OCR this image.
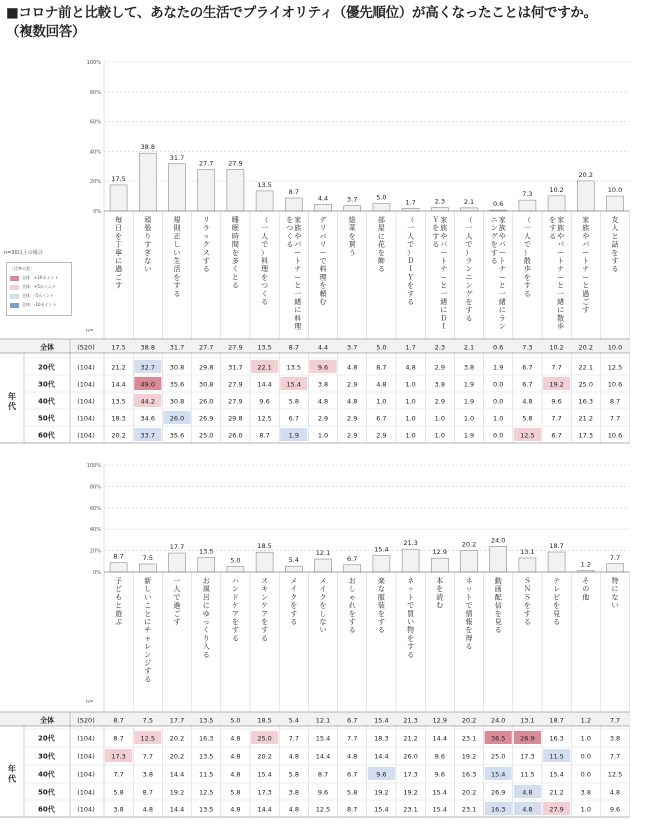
■コロナ前と比較して、あなたの生活でプライオリティ（優先順位）が高くなったことは何ですか。
（複数回答）
n=30以上の場合
［比率の差］
全体　+10ポイント
全体　+5ポイント
全体　-5ポイント
全体　-10ポイント
100%
80%
60%
40%
20%
0%
17.5
毎日を丁寧に過ごす
38.8
頑張りすぎない
31.7
規則正しい生活をする
27.7
リラックスする
27.9
睡眠時間を多くとる
13.5
（一人で）料理をつくる
8.7
家族やパートナーと一緒に料理をつくる
4.4
デリバリーで料理を頼む
3.7
総菜を買う
5.0
部屋に花を飾る
1.7
（一人で）ＤＩＹをする
2.3
家族やパートナーと一緒にＤＩＹをする
2.1
（一人で）ランニングをする
0.6
家族やパートナーと一緒にランニングをする
7.3
（一人で）散歩をする
10.2
家族やパートナーと一緒に散歩をする
20.2
家族やパートナーと過ごす
10.0
友人と話をする
n=
年代
全体	(520)	17.5 38.8 31.7 27.7 27.9 13.5	8.7	4.4	3.7	5.0	1.7	2.3	2.1	0.6	7.3	10.2 20.2 10.0
20代	(104)	21.2 32.7 30.8 29.8 31.7 22.1 13.5	9.6	4.8	8.7	4.8	2.9	3.8	1.9	6.7	7.7	22.1 12.5
30代	(104)	14.4 49.0 35.6 30.8 27.9 14.4 15.4	3.8	2.9	4.8	1.0	3.8	1.9	0.0	6.7	19.2 25.0 10.6
40代	(104)	13.5 44.2 30.8 26.0 27.9	9.6	5.8	4.8	4.8	1.0	1.0	2.9	1.9	0.0	4.8	9.6	16.3	8.7
50代	(104)	18.3 34.6 26.0 26.9 29.8 12.5	6.7	2.9	2.9	6.7	1.0	1.0	1.0	1.0	5.8	7.7	21.2	7.7
60代	(104)	20.2 33.7 35.6 25.0 26.0	8.7	1.9	1.0	2.9	2.9	1.0	1.0	1.9	0.0	12.5	6.7	17.3 10.6
100%
80%
60%
40%
20%
0%
8.7
子どもと遊ぶ
7.5
新しいことにチャレンジする
17.7
一人で過ごす
13.5
お風呂にゆっくり入る
5.0
ハンドケアをする
18.5
スキンケアをする
5.4
メイクをする
12.1
メイクをしない
6.7
おしゃれをする
15.4
楽な服装をする
21.3
ネットで買い物をする
12.9
本を読む
20.2
ネットで情報を得る
24.0
動画配信を見る
13.1
ＳＮＳをする
18.7
テレビを見る
1.2
その他
7.7
特にない
n=
年代
全体	(520)	8.7	7.5	17.7 13.5	5.0	18.5	5.4	12.1	6.7	15.4 21.3 12.9 20.2 24.0 13.1 18.7	1.2	7.7
20代	(104)	8.7	12.5 20.2 16.3	4.8	25.0	7.7	15.4	7.7	18.3 21.2 14.4 23.1 36.5 26.9 16.3	1.0	3.8
30代	(104)	17.3	7.7	20.2 13.5	4.8	20.2	4.8	14.4	4.8	14.4 26.0	9.6	19.2 25.0 17.3 11.5	0.0	7.7
40代	(104)	7.7	3.8	14.4 11.5	4.8	15.4	5.8	8.7	6.7	9.6	17.3	9.6	16.3 15.4 11.5 15.4	0.0	12.5
50代	(104)	5.8	8.7	19.2 12.5	5.8	17.3	3.8	9.6	5.8	19.2 19.2 15.4 20.2 26.9	4.8	21.2	3.8	4.8
60代	(104)	3.8	4.8	14.4 13.5	4.8	14.4	4.8	12.5	8.7	15.4 23.1 15.4 23.1 16.3	4.8	27.9	1.0	9.6
